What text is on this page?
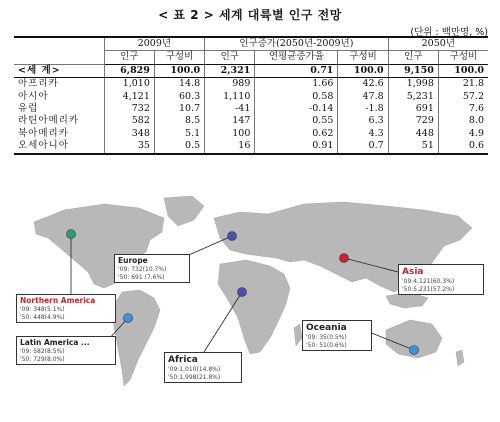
< 표 2 > 세계 대륙별 인구 전망
(단위 : 백만명, %)
	2009년		인구증가(2050년-2009년)			2050년	
	인구	구성비	인구	연평균증가율	구성비	인구	구성비
<세 계>	6,829	100.0	2,321	0.71	100.0	9,150	100.0
아프리카	1,010	14.8	989	1.66	42.6	1,998	21.8
아시아	4,121	60.3	1,110	0.58	47.8	5,231	57.2
유럽	732	10.7	-41	-0.14	-1.8	691	7.6
라틴아메리카	582	8.5	147	0.55	6.3	729	8.0
북아메리카	348	5.1	100	0.62	4.3	448	4.9
오세아니아	35	0.5	16	0.91	0.7	51	0.6
Northern America
'09: 348(5.1%)
'50: 448(4.9%)
Latin America ...
'09: 582(8.5%)
'50: 729(8.0%)
Europe
'09: 732(10.7%)
'50: 691 (7.6%)
Africa
'09:1,010(14.8%)
'50:1,998(21.8%)
Asia
'09:4,121(60.3%)
'50:5,231(57.2%)
Oceania
'09: 35(0.5%)
'50: 51(0.6%)
